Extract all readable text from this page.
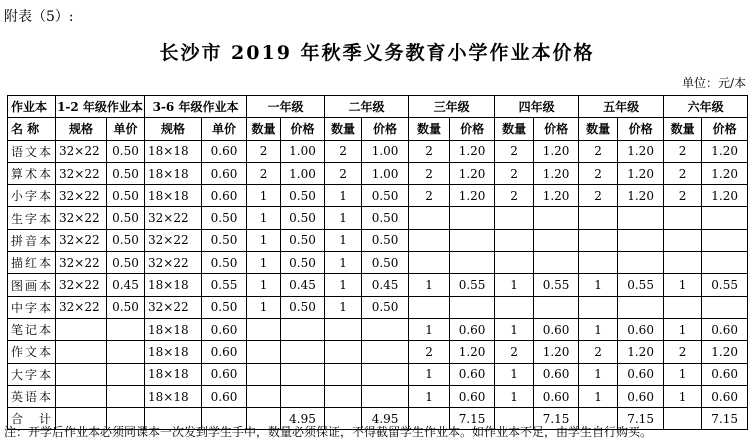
附表（5）:
长沙市 2019 年秋季义务教育小学作业本价格
单位：元/本
作业本	1-2 年级作业本		3-6 年级作业本		一年级		二年级		三年级		四年级		五年级		六年级	
名 称	规格	单价	规格	单价	数量	价格	数量	价格	数量	价格	数量	价格	数量	价格	数量	价格
语文本	32×22	0.50	18×18	0.60	2	1.00	2	1.00	2	1.20	2	1.20	2	1.20	2	1.20
算术本	32×22	0.50	18×18	0.60	2	1.00	2	1.00	2	1.20	2	1.20	2	1.20	2	1.20
小字本	32×22	0.50	18×18	0.60	1	0.50	1	0.50	2	1.20	2	1.20	2	1.20	2	1.20
生字本	32×22	0.50	32×22	0.50	1	0.50	1	0.50								
拼音本	32×22	0.50	32×22	0.50	1	0.50	1	0.50								
描红本	32×22	0.50	32×22	0.50	1	0.50	1	0.50								
图画本	32×22	0.45	18×18	0.55	1	0.45	1	0.45	1	0.55	1	0.55	1	0.55	1	0.55
中字本	32×22	0.50	32×22	0.50	1	0.50	1	0.50								
笔记本			18×18	0.60					1	0.60	1	0.60	1	0.60	1	0.60
作文本			18×18	0.60					2	1.20	2	1.20	2	1.20	2	1.20
大字本			18×18	0.60					1	0.60	1	0.60	1	0.60	1	0.60
英语本			18×18	0.60					1	0.60	1	0.60	1	0.60	1	0.60
合　计						4.95		4.95		7.15		7.15		7.15		7.15
注：开学后作业本必须同课本一次发到学生手中，数量必须保证，不得截留学生作业本。如作业本不足，由学生自行购买。
